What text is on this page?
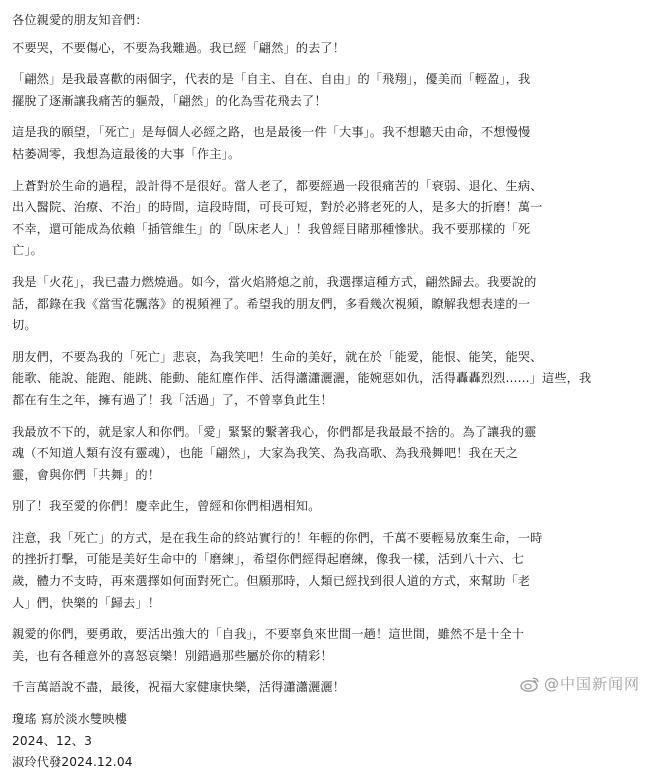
各位親愛的朋友知音們：
不要哭，不要傷心，不要為我難過。我已經「翩然」的去了！
「翩然」是我最喜歡的兩個字，代表的是「自主、自在、自由」的「飛翔」，優美而「輕盈」，我
擺脫了逐漸讓我痛苦的軀殼，「翩然」的化為雪花飛去了！
這是我的願望，「死亡」是每個人必經之路，也是最後一件「大事」。我不想聽天由命，不想慢慢
枯萎凋零，我想為這最後的大事「作主」。
上蒼對於生命的過程，設計得不是很好。當人老了，都要經過一段很痛苦的「衰弱、退化、生病、
出入醫院、治療、不治」的時間，這段時間，可長可短，對於必將老死的人，是多大的折磨！萬一
不幸，還可能成為依賴「插管維生」的「臥床老人」！我曾經目睹那種慘狀。我不要那樣的「死
亡」。
我是「火花」，我已盡力燃燒過。如今，當火焰將熄之前，我選擇這種方式，翩然歸去。我要說的
話，都錄在我《當雪花飄落》的視頻裡了。希望我的朋友們，多看幾次視頻，瞭解我想表達的一
切。
朋友們，不要為我的「死亡」悲哀，為我笑吧！生命的美好，就在於「能愛，能恨、能笑，能哭、
能歌、能說、能跑、能跳、能動、能紅塵作伴、活得瀟瀟灑灑，能婉惡如仇，活得轟轟烈烈......」這些，我
都在有生之年，擁有過了！我「活過」了，不曾辜負此生！
我最放不下的，就是家人和你們。「愛」緊緊的繫著我心，你們都是我最最不捨的。為了讓我的靈
魂（不知道人類有沒有靈魂），也能「翩然」，大家為我笑、為我高歌、為我飛舞吧！我在天之
靈，會與你們「共舞」的！
別了！我至愛的你們！慶幸此生，曾經和你們相遇相知。
注意，我「死亡」的方式，是在我生命的終站實行的！年輕的你們，千萬不要輕易放棄生命，一時
的挫折打擊，可能是美好生命中的「磨練」，希望你們經得起磨練，像我一樣，活到八十六、七
歲，體力不支時，再來選擇如何面對死亡。但願那時，人類已經找到很人道的方式，來幫助「老
人」們，快樂的「歸去」！
親愛的你們，要勇敢，要活出強大的「自我」，不要辜負來世間一趟！這世間，雖然不是十全十
美，也有各種意外的喜怒哀樂！別錯過那些屬於你的精彩！
千言萬語說不盡，最後，祝福大家健康快樂，活得瀟瀟灑灑！
瓊瑤 寫於淡水雙映樓
2024、12、3
淑玲代發2024.12.04
@中国新闻网
